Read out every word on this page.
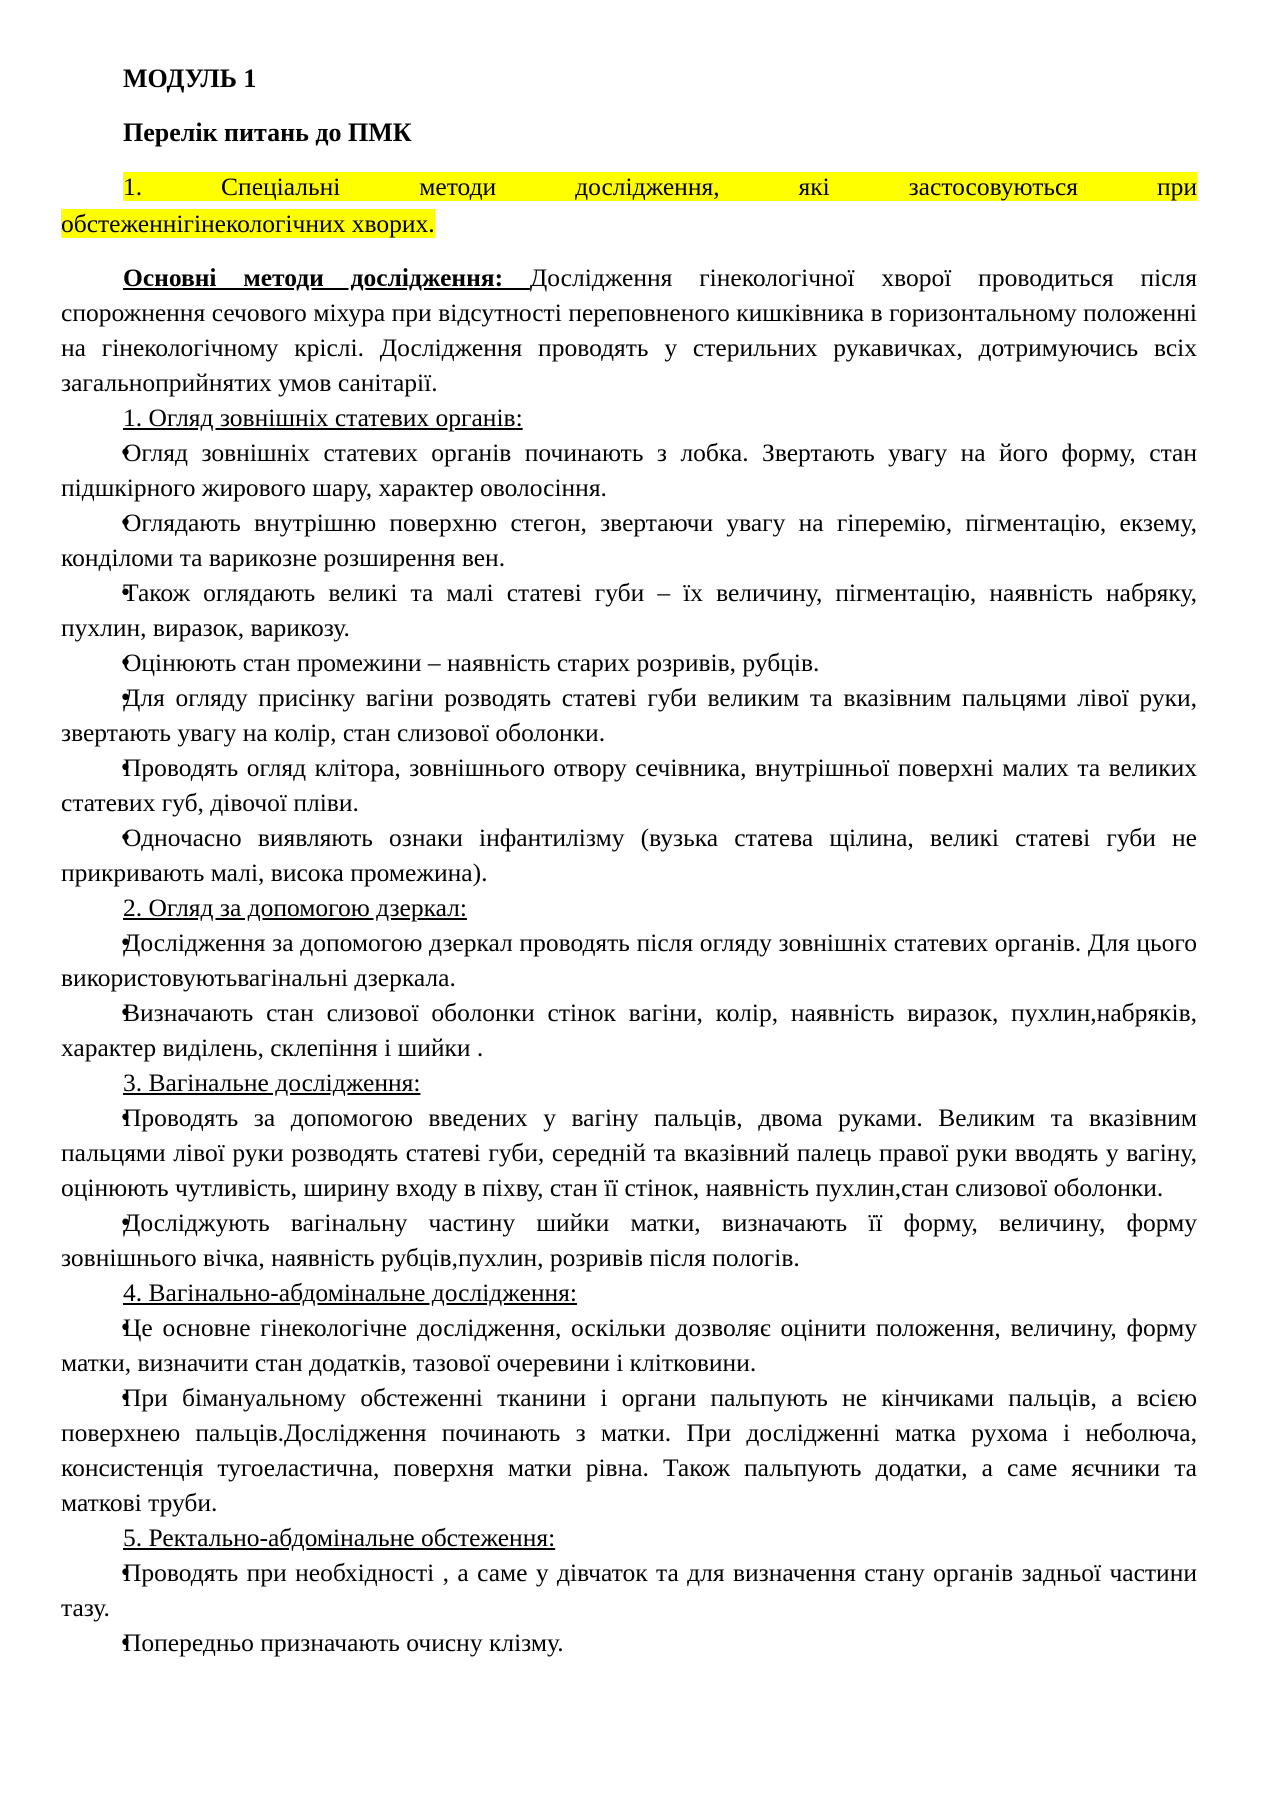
МОДУЛЬ 1
Перелік питань до ПМК
1. Спеціальні методи дослідження, які застосовуються при
обстеженнігінекологічних хворих.
Основні методи дослідження: Дослідження гінекологічної хворої проводиться після спорожнення сечового міхура при відсутності переповненого кишківника в горизонтальному положенні на гінекологічному кріслі. Дослідження проводять у стерильних рукавичках, дотримуючись всіх загальноприйнятих умов санітарії.
1. Огляд зовнішніх статевих органів:
Огляд зовнішніх статевих органів починають з лобка. Звертають увагу на його форму, стан підшкірного жирового шару, характер оволосіння.
Оглядають внутрішню поверхню стегон, звертаючи увагу на гіперемію, пігментацію, екзему, конділоми та варикозне розширення вен.
Також оглядають великі та малі статеві губи – їх величину, пігментацію, наявність набряку, пухлин, виразок, варикозу.
Оцінюють стан промежини – наявність старих розривів, рубців.
Для огляду присінку вагіни розводять статеві губи великим та вказівним пальцями лівої руки, звертають увагу на колір, стан слизової оболонки.
Проводять огляд клітора, зовнішнього отвору сечівника, внутрішньої поверхні малих та великих статевих губ, дівочої пліви.
Одночасно виявляють ознаки інфантилізму (вузька статева щілина, великі статеві губи не прикривають малі, висока промежина).
2. Огляд за допомогою дзеркал:
Дослідження за допомогою дзеркал проводять після огляду зовнішніх статевих органів. Для цього використовуютьвагінальні дзеркала.
Визначають стан слизової оболонки стінок вагіни, колір, наявність виразок, пухлин,набряків, характер виділень, склепіння і шийки .
3. Вагінальне дослідження:
Проводять за допомогою введених у вагіну пальців, двома руками. Великим та вказівним пальцями лівої руки розводять статеві губи, середній та вказівний палець правої руки вводять у вагіну, оцінюють чутливість, ширину входу в піхву, стан її стінок, наявність пухлин,стан слизової оболонки.
Досліджують вагінальну частину шийки матки, визначають її форму, величину, форму зовнішнього вічка, наявність рубців,пухлин, розривів після пологів.
4. Вагінально-абдомінальне дослідження:
Це основне гінекологічне дослідження, оскільки дозволяє оцінити положення, величину, форму матки, визначити стан додатків, тазової очеревини і клітковини.
При бімануальному обстеженні тканини і органи пальпують не кінчиками пальців, а всією поверхнею пальців.Дослідження починають з матки. При дослідженні матка рухома і неболюча, консистенція тугоеластична, поверхня матки рівна. Також пальпують додатки, а саме яєчники та маткові труби.
5. Ректально-абдомінальне обстеження:
Проводять при необхідності , а саме у дівчаток та для визначення стану органів задньої частини тазу.
Попередньо призначають очисну клізму.
